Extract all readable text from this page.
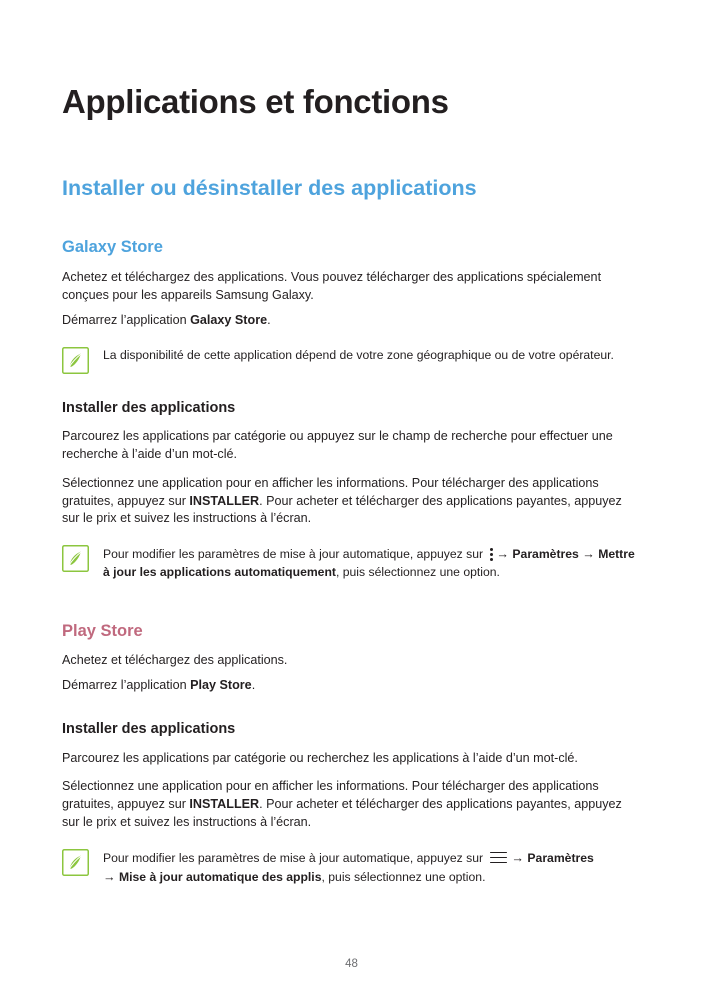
Applications et fonctions
Installer ou désinstaller des applications
Galaxy Store

Achetez et téléchargez des applications. Vous pouvez télécharger des applications spécialement conçues pour les appareils Samsung Galaxy.

Démarrez l’application Galaxy Store.

La disponibilité de cette application dépend de votre zone géographique ou de votre opérateur.
Installer des applications

Parcourez les applications par catégorie ou appuyez sur le champ de recherche pour effectuer une recherche à l’aide d’un mot-clé.

Sélectionnez une application pour en afficher les informations. Pour télécharger des applications gratuites, appuyez sur INSTALLER. Pour acheter et télécharger des applications payantes, appuyez sur le prix et suivez les instructions à l’écran.

Pour modifier les paramètres de mise à jour automatique, appuyez sur
→ Paramètres → Mettre à jour les applications automatiquement, puis sélectionnez une option.
Play Store

Achetez et téléchargez des applications.

Démarrez l’application Play Store.

Installer des applications

Parcourez les applications par catégorie ou recherchez les applications à l’aide d’un mot-clé.

Sélectionnez une application pour en afficher les informations. Pour télécharger des applications gratuites, appuyez sur INSTALLER. Pour acheter et télécharger des applications payantes, appuyez sur le prix et suivez les instructions à l’écran.

Pour modifier les paramètres de mise à jour automatique, appuyez sur
→ Paramètres
→ Mise à jour automatique des applis, puis sélectionnez une option.
48
